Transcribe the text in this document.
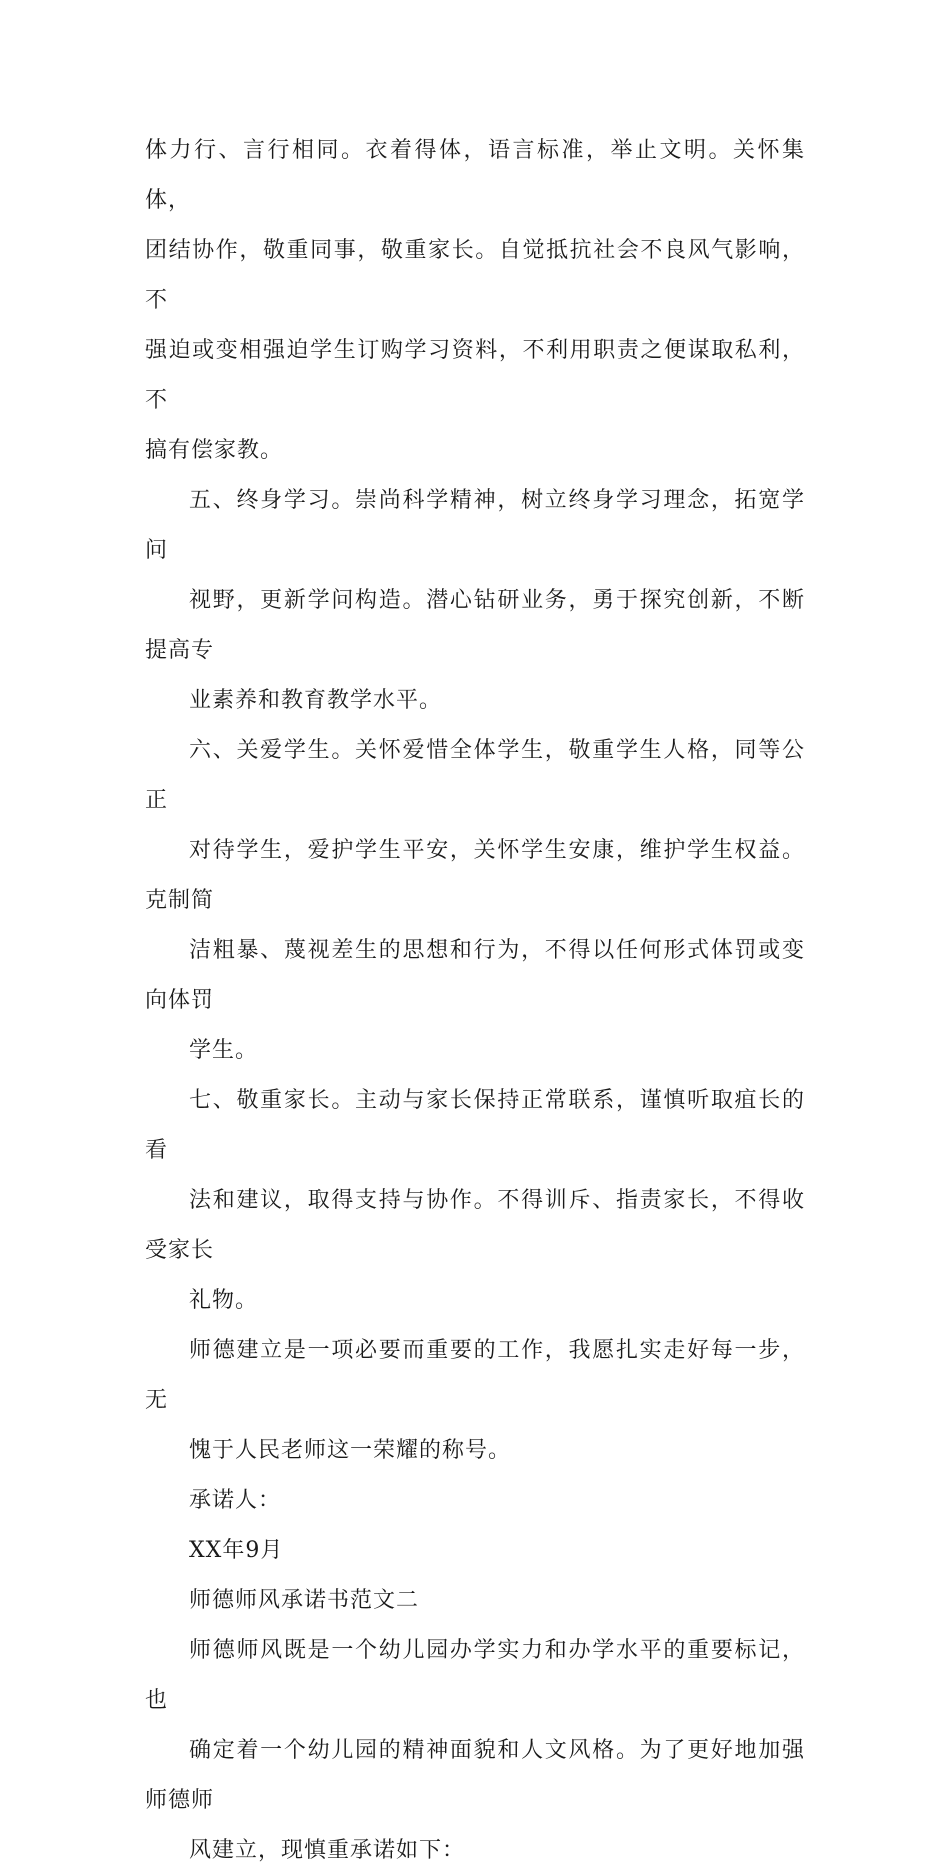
体力行、言行相同。衣着得体，语言标准，举止文明。关怀集体，
团结协作，敬重同事，敬重家长。自觉抵抗社会不良风气影响，不
强迫或变相强迫学生订购学习资料，不利用职责之便谋取私利，不
搞有偿家教。

五、终身学习。崇尚科学精神，树立终身学习理念，拓宽学问
视野，更新学问构造。潜心钻研业务，勇于探究创新，不断提高专
业素养和教育教学水平。

六、关爱学生。关怀爱惜全体学生，敬重学生人格，同等公正
对待学生，爱护学生平安，关怀学生安康，维护学生权益。克制简
洁粗暴、蔑视差生的思想和行为，不得以任何形式体罚或变向体罚
学生。

七、敬重家长。主动与家长保持正常联系，谨慎听取疽长的看
法和建议，取得支持与协作。不得训斥、指责家长，不得收受家长
礼物。

师德建立是一项必要而重要的工作，我愿扎实走好每一步，无
愧于人民老师这一荣耀的称号。

承诺人：

XX年9月

师德师风承诺书范文二

师德师风既是一个幼儿园办学实力和办学水平的重要标记，也
确定着一个幼儿园的精神面貌和人文风格。为了更好地加强师德师
风建立，现慎重承诺如下：
